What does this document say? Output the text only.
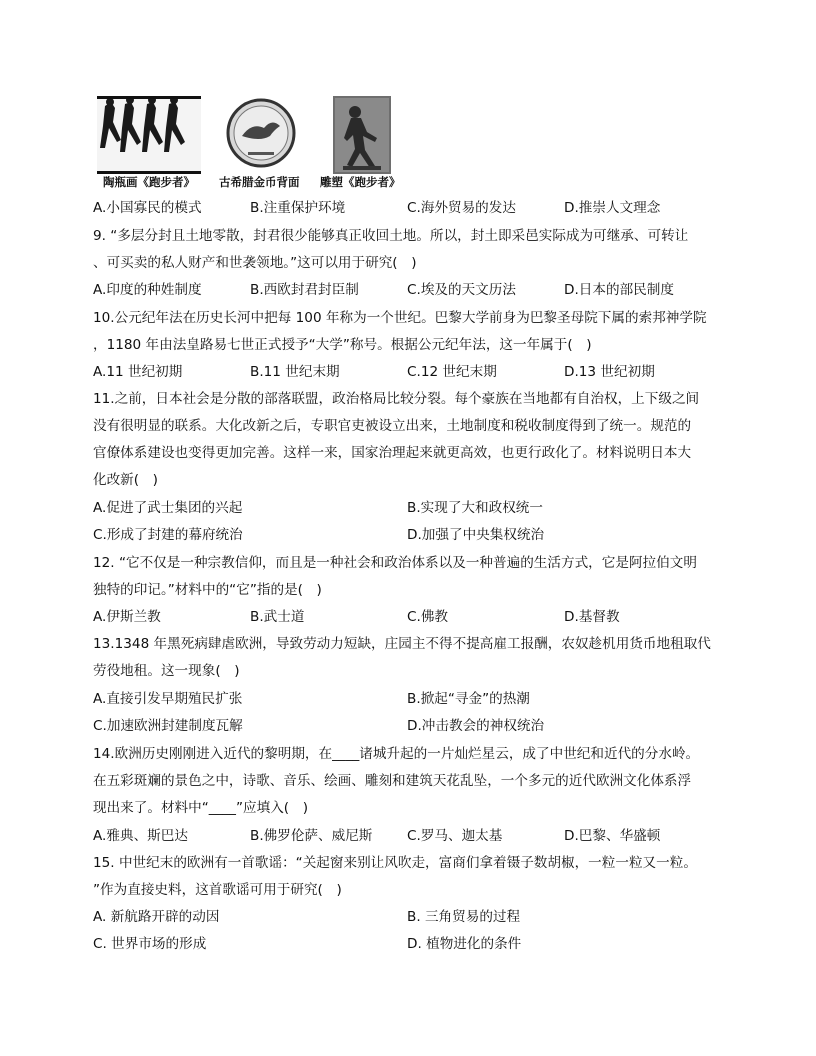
陶瓶画《跑步者》 古希腊金币背面 雕塑《跑步者》
A.小国寡民的模式	B.注重保护环境	C.海外贸易的发达	D.推崇人文理念
9. “多层分封且土地零散，封君很少能够真正收回土地。所以，封土即采邑实际成为可继承、可转让
、可买卖的私人财产和世袭领地。”这可以用于研究(　)
A.印度的种姓制度	B.西欧封君封臣制	C.埃及的天文历法	D.日本的部民制度
10.公元纪年法在历史长河中把每 100 年称为一个世纪。巴黎大学前身为巴黎圣母院下属的索邦神学院
，1180 年由法皇路易七世正式授予“大学”称号。根据公元纪年法，这一年属于(　)
A.11 世纪初期	B.11 世纪末期	C.12 世纪末期	D.13 世纪初期
11.之前，日本社会是分散的部落联盟，政治格局比较分裂。每个豪族在当地都有自治权，上下级之间
没有很明显的联系。大化改新之后，专职官吏被设立出来，土地制度和税收制度得到了统一。规范的
官僚体系建设也变得更加完善。这样一来，国家治理起来就更高效，也更行政化了。材料说明日本大
化改新(　)
A.促进了武士集团的兴起	B.实现了大和政权统一
C.形成了封建的幕府统治	D.加强了中央集权统治
12. “它不仅是一种宗教信仰，而且是一种社会和政治体系以及一种普遍的生活方式，它是阿拉伯文明
独特的印记。”材料中的“它”指的是(　)
A.伊斯兰教	B.武士道	C.佛教	D.基督教
13.1348 年黑死病肆虐欧洲，导致劳动力短缺，庄园主不得不提高雇工报酬，农奴趁机用货币地租取代
劳役地租。这一现象(　)
A.直接引发早期殖民扩张	B.掀起“寻金”的热潮
C.加速欧洲封建制度瓦解	D.冲击教会的神权统治
14.欧洲历史刚刚进入近代的黎明期，在____诸城升起的一片灿烂星云，成了中世纪和近代的分水岭。
在五彩斑斓的景色之中，诗歌、音乐、绘画、雕刻和建筑天花乱坠，一个多元的近代欧洲文化体系浮
现出来了。材料中“____”应填入(　)
A.雅典、斯巴达	B.佛罗伦萨、威尼斯	C.罗马、迦太基	D.巴黎、华盛顿
15. 中世纪末的欧洲有一首歌谣：“关起窗来别让风吹走，富商们拿着镊子数胡椒，一粒一粒又一粒。
”作为直接史料，这首歌谣可用于研究(　)
A. 新航路开辟的动因	B. 三角贸易的过程
C. 世界市场的形成	D. 植物进化的条件
